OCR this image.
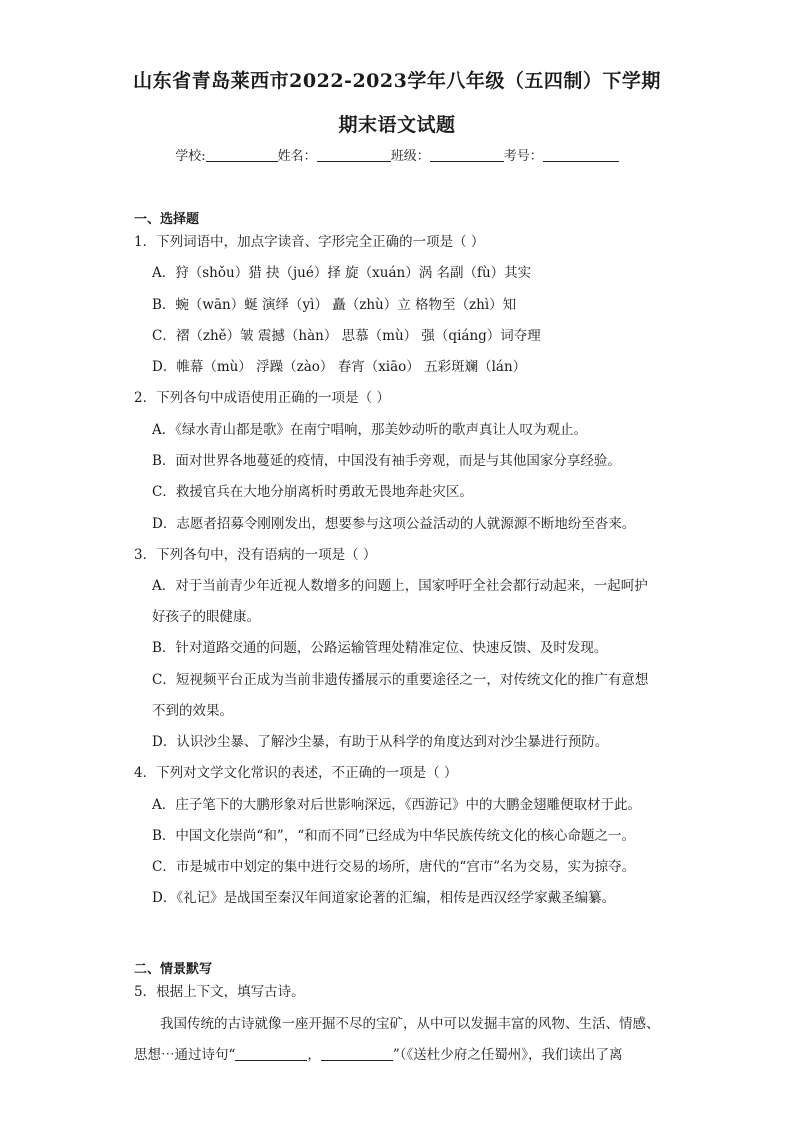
山东省青岛莱西市2022-2023学年八年级（五四制）下学期
期末语文试题
学校:	姓名：	班级：	考号：
一、选择题
1．下列词语中，加点字读音、字形完全正确的一项是（ ）
A．狩（shǒu）猎 抉（jué）择 旋（xuán）涡 名副（fù）其实
B．蜿（wān）蜒 演绎（yì） 矗（zhù）立 格物至（zhì）知
C．褶（zhě）皱 震撼（hàn） 思慕（mù） 强（qiáng）词夺理
D．帷幕（mù） 浮躁（zào） 春宵（xiāo） 五彩斑斓（lán）
2．下列各句中成语使用正确的一项是（ ）
A．《绿水青山都是歌》在南宁唱响，那美妙动听的歌声真让人叹为观止。
B．面对世界各地蔓延的疫情，中国没有袖手旁观，而是与其他国家分享经验。
C．救援官兵在大地分崩离析时勇敢无畏地奔赴灾区。
D．志愿者招募令刚刚发出，想要参与这项公益活动的人就源源不断地纷至沓来。
3．下列各句中，没有语病的一项是（ ）
A．对于当前青少年近视人数增多的问题上，国家呼吁全社会都行动起来，一起呵护
好孩子的眼健康。
B．针对道路交通的问题，公路运输管理处精准定位、快速反馈、及时发现。
C．短视频平台正成为当前非遗传播展示的重要途径之一，对传统文化的推广有意想
不到的效果。
D．认识沙尘暴、了解沙尘暴，有助于从科学的角度达到对沙尘暴进行预防。
4．下列对文学文化常识的表述，不正确的一项是（ ）
A．庄子笔下的大鹏形象对后世影响深远，《西游记》中的大鹏金翅雕便取材于此。
B．中国文化崇尚“和”，“和而不同”已经成为中华民族传统文化的核心命题之一。
C．市是城市中划定的集中进行交易的场所，唐代的“宫市”名为交易，实为掠夺。
D．《礼记》是战国至秦汉年间道家论著的汇编，相传是西汉经学家戴圣编纂。
二、情景默写
5．根据上下文，填写古诗。
我国传统的古诗就像一座开掘不尽的宝矿，从中可以发掘丰富的风物、生活、情感、
思想⋯通过诗句“	，	”（《送杜少府之任蜀州》，我们读出了离
